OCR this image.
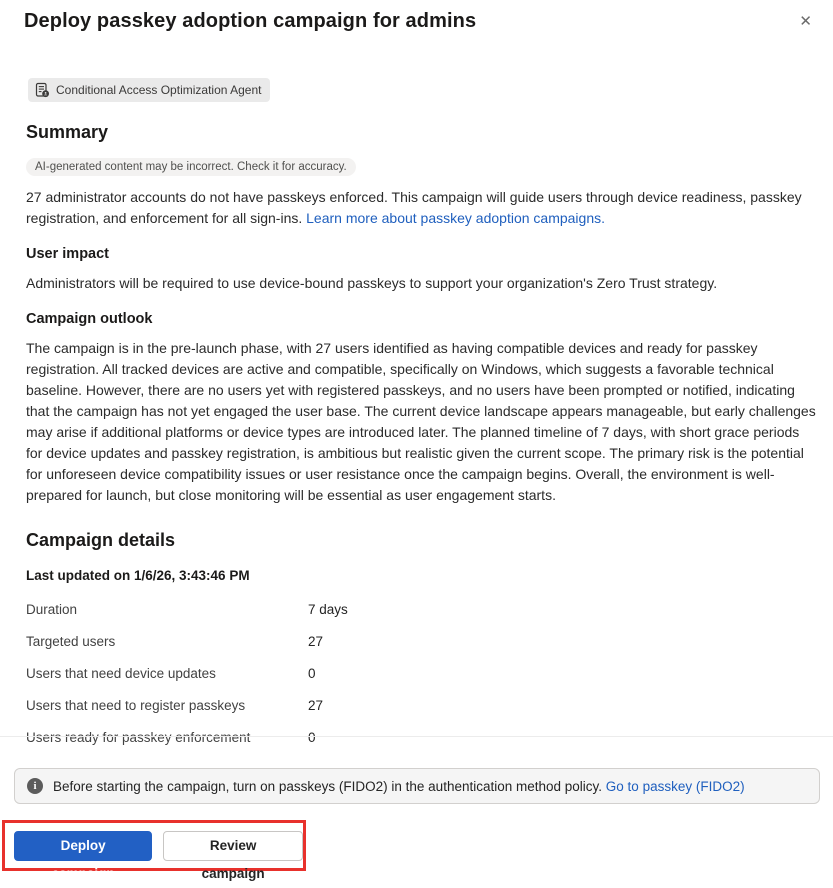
Deploy passkey adoption campaign for admins	✕
Conditional Access Optimization Agent
Summary
AI-generated content may be incorrect. Check it for accuracy.

27 administrator accounts do not have passkeys enforced. This campaign will guide users through device readiness, passkey registration, and enforcement for all sign-ins. Learn more about passkey adoption campaigns.

User impact

Administrators will be required to use device-bound passkeys to support your organization's Zero Trust strategy.

Campaign outlook

The campaign is in the pre-launch phase, with 27 users identified as having compatible devices and ready for passkey registration. All tracked devices are active and compatible, specifically on Windows, which suggests a favorable technical baseline. However, there are no users yet with registered passkeys, and no users have been prompted or notified, indicating that the campaign has not yet engaged the user base. The current device landscape appears manageable, but early challenges may arise if additional platforms or device types are introduced later. The planned timeline of 7 days, with short grace periods for device updates and passkey registration, is ambitious but realistic given the current scope. The primary risk is the potential for unforeseen device compatibility issues or user resistance once the campaign begins. Overall, the environment is well-prepared for launch, but close monitoring will be essential as user engagement starts.

Campaign details
Last updated on 1/6/26, 3:43:46 PM
Duration	7 days
Targeted users	27
Users that need device updates	0
Users that need to register passkeys	27
Users ready for passkey enforcement	0
i	Before starting the campaign, turn on passkeys (FIDO2) in the authentication method policy. Go to passkey (FIDO2)
Deploy campaign
Review campaign
